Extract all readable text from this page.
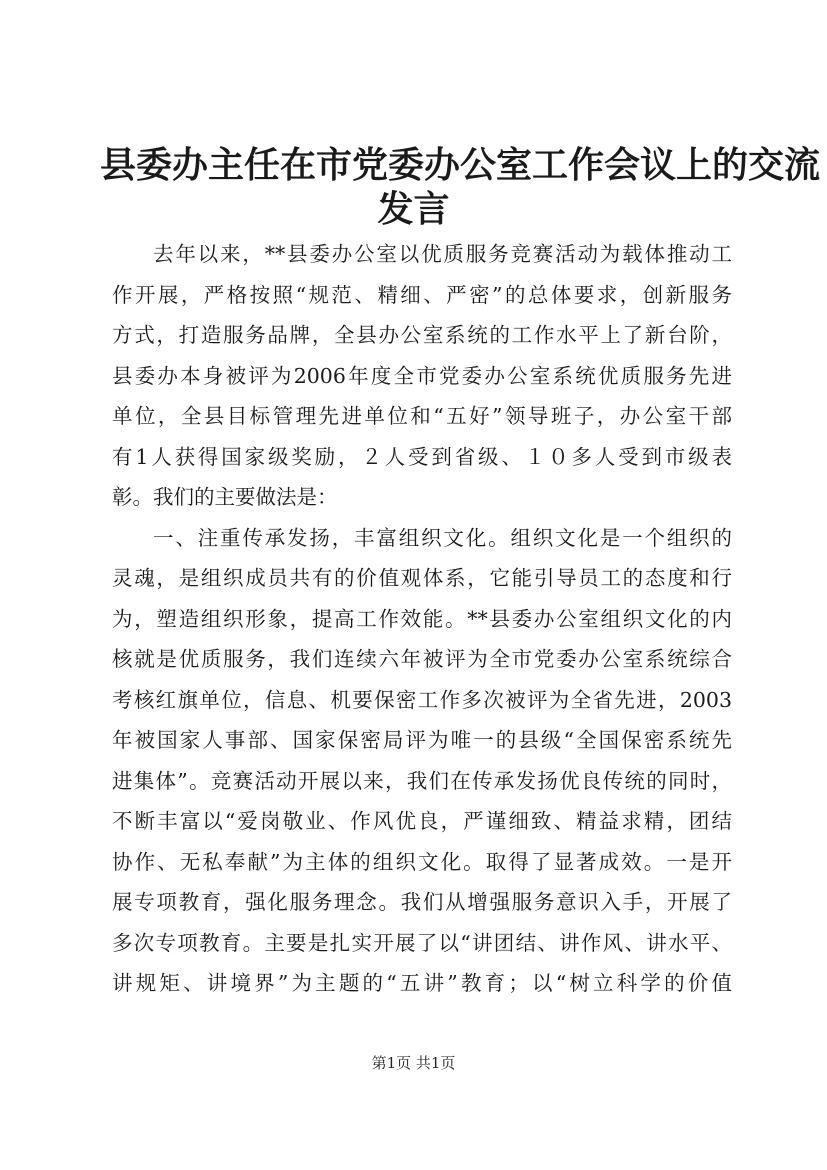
县委办主任在市党委办公室工作会议上的交流
发言
去年以来，**县委办公室以优质服务竞赛活动为载体推动工
作开展，严格按照“规范、精细、严密”的总体要求，创新服务
方式，打造服务品牌，全县办公室系统的工作水平上了新台阶，
县委办本身被评为2006年度全市党委办公室系统优质服务先进
单位，全县目标管理先进单位和“五好”领导班子，办公室干部
有1人获得国家级奖励，２人受到省级、１０多人受到市级表
彰。我们的主要做法是：
一、注重传承发扬，丰富组织文化。组织文化是一个组织的
灵魂，是组织成员共有的价值观体系，它能引导员工的态度和行
为，塑造组织形象，提高工作效能。**县委办公室组织文化的内
核就是优质服务，我们连续六年被评为全市党委办公室系统综合
考核红旗单位，信息、机要保密工作多次被评为全省先进，2003
年被国家人事部、国家保密局评为唯一的县级“全国保密系统先
进集体”。竞赛活动开展以来，我们在传承发扬优良传统的同时，
不断丰富以“爱岗敬业、作风优良，严谨细致、精益求精，团结
协作、无私奉献”为主体的组织文化。取得了显著成效。一是开
展专项教育，强化服务理念。我们从增强服务意识入手，开展了
多次专项教育。主要是扎实开展了以“讲团结、讲作风、讲水平、
讲规矩、讲境界”为主题的“五讲”教育；以“树立科学的价值
第1页 共1页
